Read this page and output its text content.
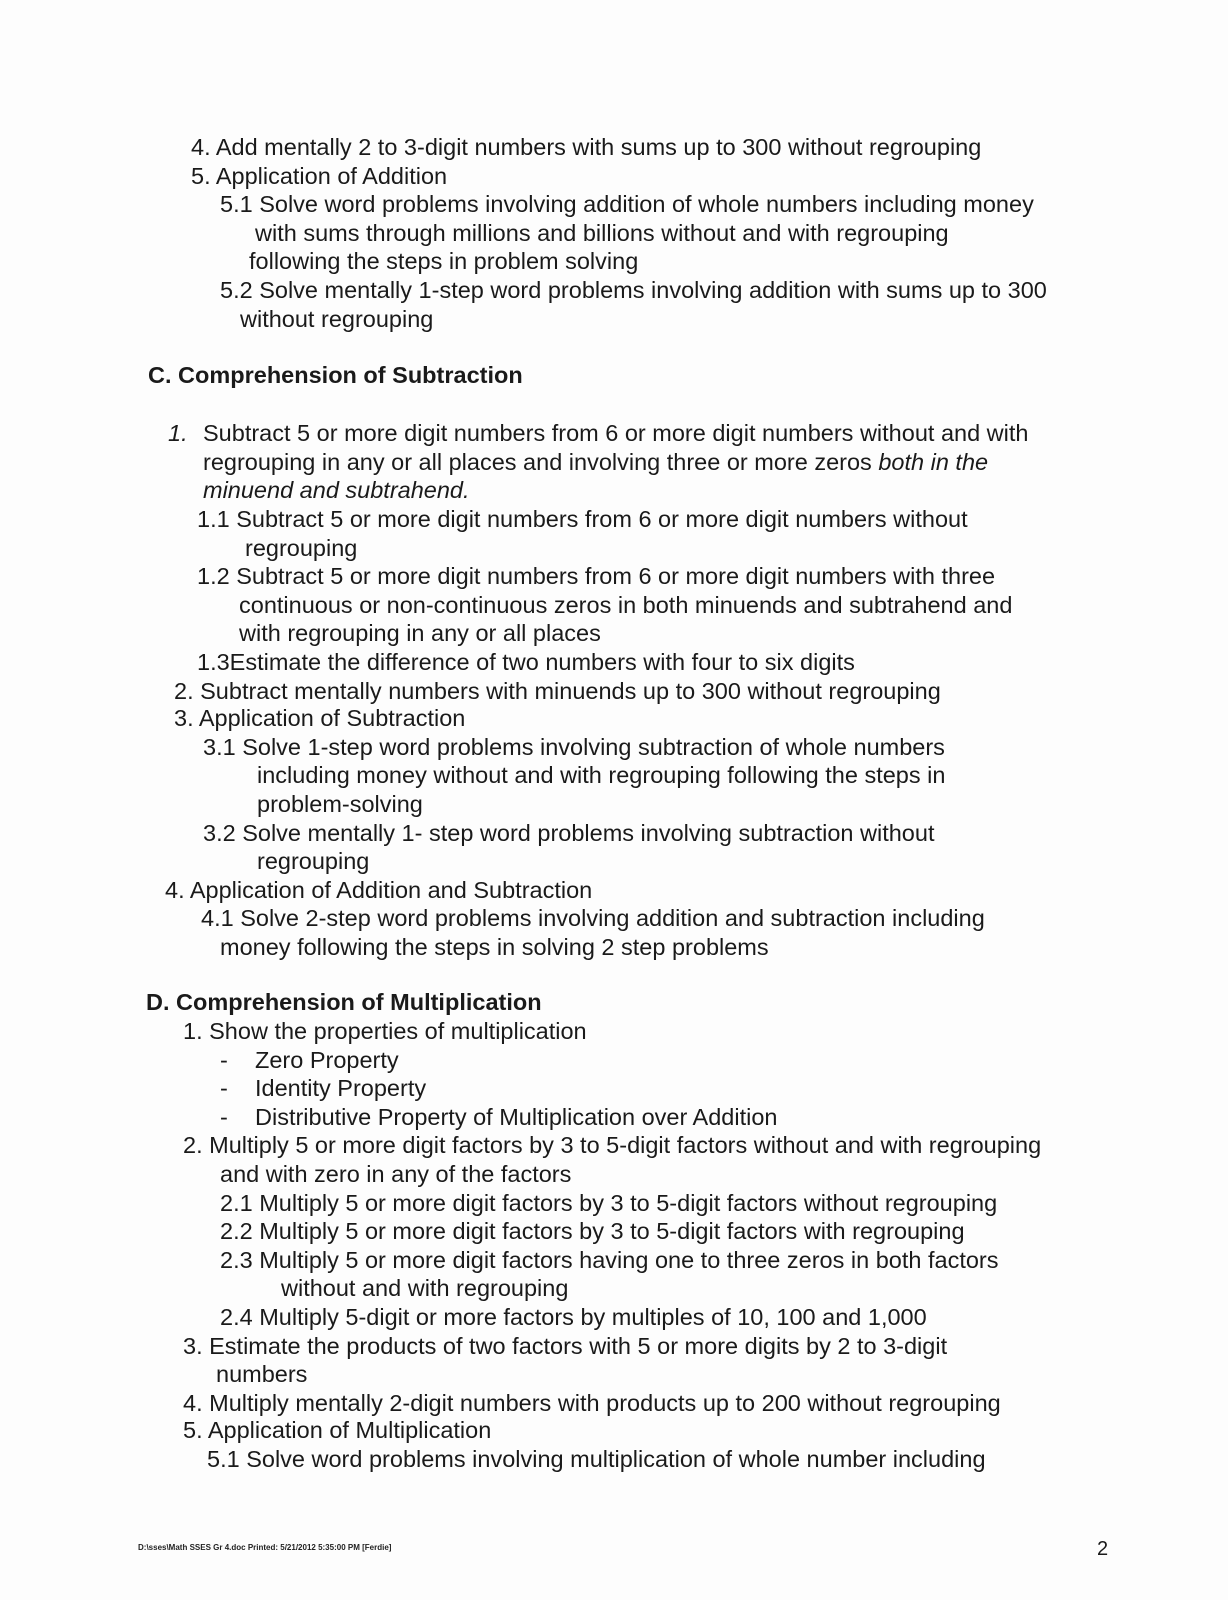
4. Add mentally 2 to 3-digit numbers with sums up to 300 without regrouping
5. Application of Addition
5.1 Solve word problems involving addition of whole numbers including money
with sums through millions and billions without and with regrouping
following the steps in problem solving
5.2 Solve mentally 1-step word problems involving addition with sums up to 300
without regrouping
C. Comprehension of Subtraction
1. Subtract 5 or more digit numbers from 6 or more digit numbers without and with
regrouping in any or all places and involving three or more zeros both in the
minuend and subtrahend.
1.1 Subtract 5 or more digit numbers from 6 or more digit numbers without
regrouping
1.2 Subtract 5 or more digit numbers from 6 or more digit numbers with three
continuous or non-continuous zeros in both minuends and subtrahend and
with regrouping in any or all places
1.3Estimate the difference of two numbers with four to six digits
2. Subtract mentally numbers with minuends up to 300 without regrouping
3. Application of Subtraction
3.1 Solve 1-step word problems involving subtraction of whole numbers
including money without and with regrouping following the steps in
problem-solving
3.2 Solve mentally 1- step word problems involving subtraction without
regrouping
4. Application of Addition and Subtraction
4.1 Solve 2-step word problems involving addition and subtraction including
money following the steps in solving 2 step problems
D. Comprehension of Multiplication
1. Show the properties of multiplication
- Zero Property
- Identity Property
- Distributive Property of Multiplication over Addition
2. Multiply 5 or more digit factors by 3 to 5-digit factors without and with regrouping
and with zero in any of the factors
2.1 Multiply 5 or more digit factors by 3 to 5-digit factors without regrouping
2.2 Multiply 5 or more digit factors by 3 to 5-digit factors with regrouping
2.3 Multiply 5 or more digit factors having one to three zeros in both factors
without and with regrouping
2.4 Multiply 5-digit or more factors by multiples of 10, 100 and 1,000
3. Estimate the products of two factors with 5 or more digits by 2 to 3-digit
numbers
4. Multiply mentally 2-digit numbers with products up to 200 without regrouping
5. Application of Multiplication
5.1 Solve word problems involving multiplication of whole number including
D:\sses\Math SSES Gr 4.doc Printed: 5/21/2012 5:35:00 PM [Ferdie]	2
